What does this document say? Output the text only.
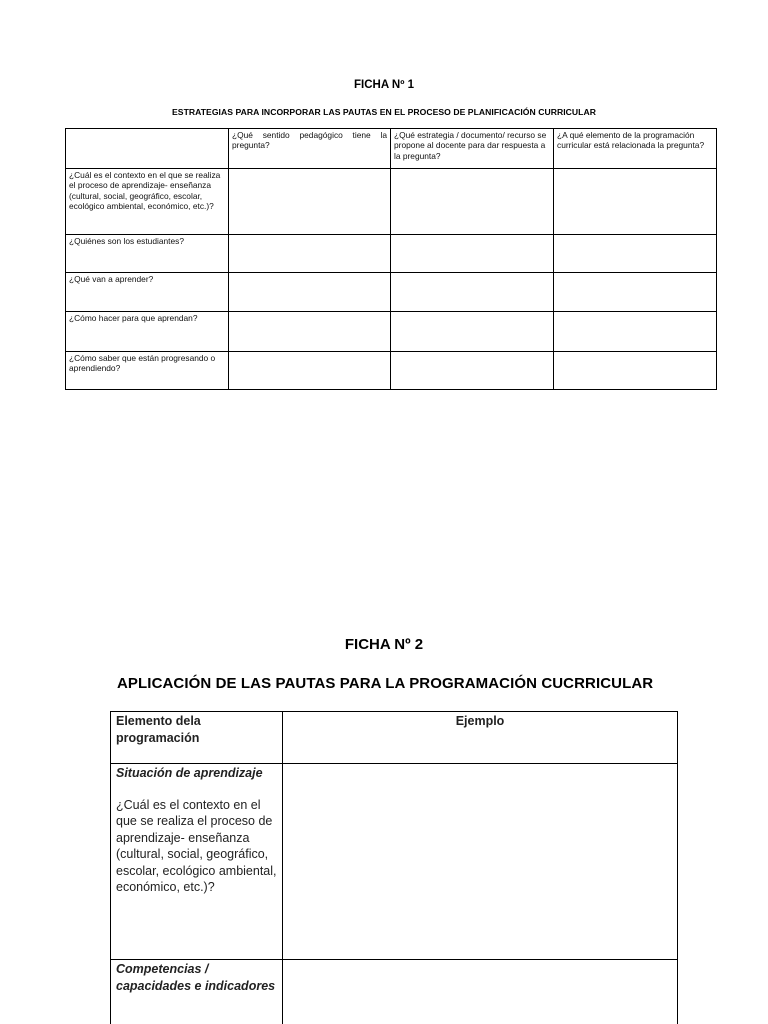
FICHA Nº 1
ESTRATEGIAS PARA INCORPORAR LAS PAUTAS EN EL PROCESO DE PLANIFICACIÓN CURRICULAR
	¿Qué sentido pedagógico tiene la pregunta?	¿Qué estrategia / documento/ recurso se propone al docente para dar respuesta a la pregunta?	¿A qué elemento de la programación curricular está relacionada la pregunta?
¿Cuál es el contexto en el que se realiza el proceso de aprendizaje- enseñanza (cultural, social, geográfico, escolar, ecológico ambiental, económico, etc.)?			
¿Quiénes son los estudiantes?			
¿Qué van a aprender?			
¿Cómo hacer para que aprendan?			
¿Cómo saber que están progresando o aprendiendo?			
FICHA Nº 2
APLICACIÓN DE LAS PAUTAS PARA LA PROGRAMACIÓN CUCRRICULAR
Elemento dela programación	Ejemplo

Situación de aprendizaje
¿Cuál es el contexto en el que se realiza el proceso de aprendizaje- enseñanza (cultural, social, geográfico, escolar, ecológico ambiental, económico, etc.)?	

Competencias / capacidades e indicadores	
